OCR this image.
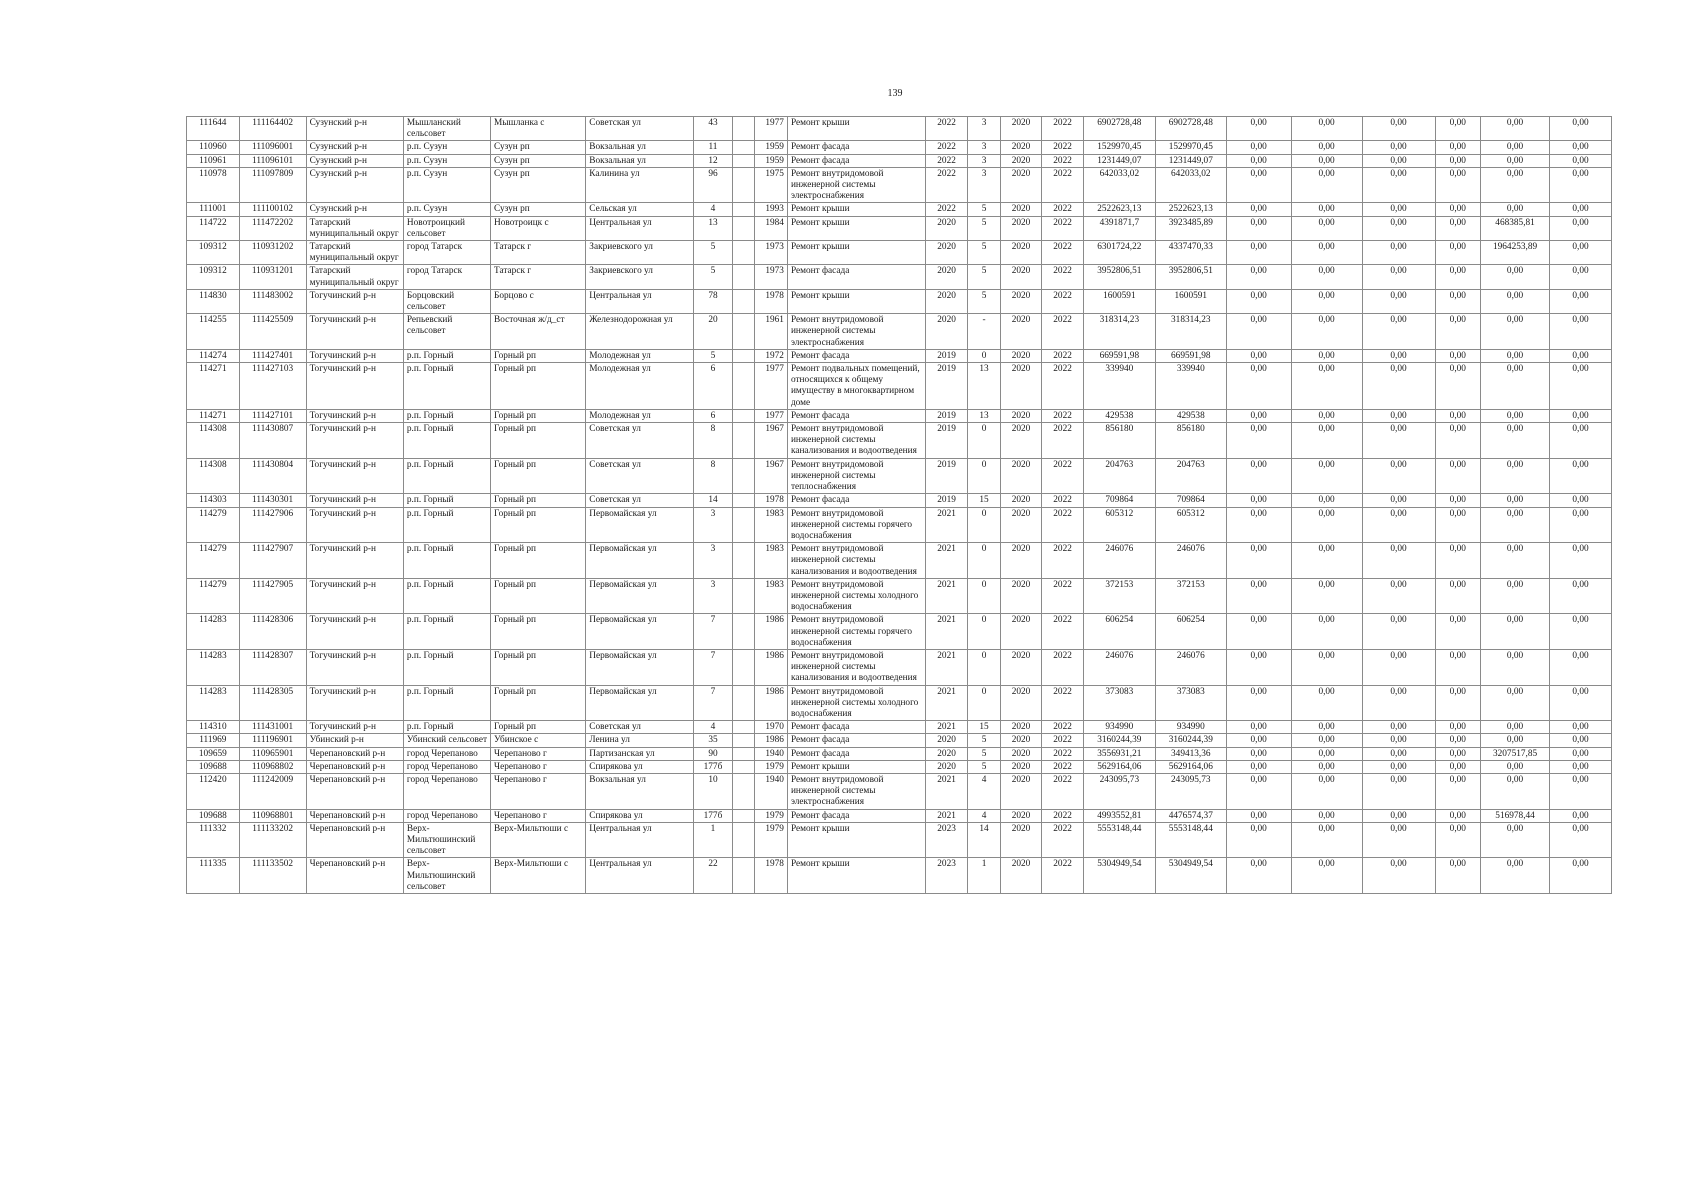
139
111644	111164402	Сузунский р-н	Мышланский сельсовет	Мышланка с	Советская ул	43		1977	Ремонт крыши	2022	3	2020	2022	6902728,48	6902728,48	0,00	0,00	0,00	0,00	0,00	0,00
110960	111096001	Сузунский р-н	р.п. Сузун	Сузун рп	Вокзальная ул	11		1959	Ремонт фасада	2022	3	2020	2022	1529970,45	1529970,45	0,00	0,00	0,00	0,00	0,00	0,00
110961	111096101	Сузунский р-н	р.п. Сузун	Сузун рп	Вокзальная ул	12		1959	Ремонт фасада	2022	3	2020	2022	1231449,07	1231449,07	0,00	0,00	0,00	0,00	0,00	0,00
110978	111097809	Сузунский р-н	р.п. Сузун	Сузун рп	Калинина ул	96		1975	Ремонт внутридомовой инженерной системы электроснабжения	2022	3	2020	2022	642033,02	642033,02	0,00	0,00	0,00	0,00	0,00	0,00
111001	111100102	Сузунский р-н	р.п. Сузун	Сузун рп	Сельская ул	4		1993	Ремонт крыши	2022	5	2020	2022	2522623,13	2522623,13	0,00	0,00	0,00	0,00	0,00	0,00
114722	111472202	Татарский муниципальный округ	Новотроицкий сельсовет	Новотроицк с	Центральная ул	13		1984	Ремонт крыши	2020	5	2020	2022	4391871,7	3923485,89	0,00	0,00	0,00	0,00	468385,81	0,00
109312	110931202	Татарский муниципальный округ	город Татарск	Татарск г	Закриевского ул	5		1973	Ремонт крыши	2020	5	2020	2022	6301724,22	4337470,33	0,00	0,00	0,00	0,00	1964253,89	0,00
109312	110931201	Татарский муниципальный округ	город Татарск	Татарск г	Закриевского ул	5		1973	Ремонт фасада	2020	5	2020	2022	3952806,51	3952806,51	0,00	0,00	0,00	0,00	0,00	0,00
114830	111483002	Тогучинский р-н	Борцовский сельсовет	Борцово с	Центральная ул	78		1978	Ремонт крыши	2020	5	2020	2022	1600591	1600591	0,00	0,00	0,00	0,00	0,00	0,00
114255	111425509	Тогучинский р-н	Репьевский сельсовет	Восточная ж/д_ст	Железнодорожная ул	20		1961	Ремонт внутридомовой инженерной системы электроснабжения	2020	-	2020	2022	318314,23	318314,23	0,00	0,00	0,00	0,00	0,00	0,00
114274	111427401	Тогучинский р-н	р.п. Горный	Горный рп	Молодежная ул	5		1972	Ремонт фасада	2019	0	2020	2022	669591,98	669591,98	0,00	0,00	0,00	0,00	0,00	0,00
114271	111427103	Тогучинский р-н	р.п. Горный	Горный рп	Молодежная ул	6		1977	Ремонт подвальных помещений, относящихся к общему имуществу в многоквартирном доме	2019	13	2020	2022	339940	339940	0,00	0,00	0,00	0,00	0,00	0,00
114271	111427101	Тогучинский р-н	р.п. Горный	Горный рп	Молодежная ул	6		1977	Ремонт фасада	2019	13	2020	2022	429538	429538	0,00	0,00	0,00	0,00	0,00	0,00
114308	111430807	Тогучинский р-н	р.п. Горный	Горный рп	Советская ул	8		1967	Ремонт внутридомовой инженерной системы канализования и водоотведения	2019	0	2020	2022	856180	856180	0,00	0,00	0,00	0,00	0,00	0,00
114308	111430804	Тогучинский р-н	р.п. Горный	Горный рп	Советская ул	8		1967	Ремонт внутридомовой инженерной системы теплоснабжения	2019	0	2020	2022	204763	204763	0,00	0,00	0,00	0,00	0,00	0,00
114303	111430301	Тогучинский р-н	р.п. Горный	Горный рп	Советская ул	14		1978	Ремонт фасада	2019	15	2020	2022	709864	709864	0,00	0,00	0,00	0,00	0,00	0,00
114279	111427906	Тогучинский р-н	р.п. Горный	Горный рп	Первомайская ул	3		1983	Ремонт внутридомовой инженерной системы горячего водоснабжения	2021	0	2020	2022	605312	605312	0,00	0,00	0,00	0,00	0,00	0,00
114279	111427907	Тогучинский р-н	р.п. Горный	Горный рп	Первомайская ул	3		1983	Ремонт внутридомовой инженерной системы канализования и водоотведения	2021	0	2020	2022	246076	246076	0,00	0,00	0,00	0,00	0,00	0,00
114279	111427905	Тогучинский р-н	р.п. Горный	Горный рп	Первомайская ул	3		1983	Ремонт внутридомовой инженерной системы холодного водоснабжения	2021	0	2020	2022	372153	372153	0,00	0,00	0,00	0,00	0,00	0,00
114283	111428306	Тогучинский р-н	р.п. Горный	Горный рп	Первомайская ул	7		1986	Ремонт внутридомовой инженерной системы горячего водоснабжения	2021	0	2020	2022	606254	606254	0,00	0,00	0,00	0,00	0,00	0,00
114283	111428307	Тогучинский р-н	р.п. Горный	Горный рп	Первомайская ул	7		1986	Ремонт внутридомовой инженерной системы канализования и водоотведения	2021	0	2020	2022	246076	246076	0,00	0,00	0,00	0,00	0,00	0,00
114283	111428305	Тогучинский р-н	р.п. Горный	Горный рп	Первомайская ул	7		1986	Ремонт внутридомовой инженерной системы холодного водоснабжения	2021	0	2020	2022	373083	373083	0,00	0,00	0,00	0,00	0,00	0,00
114310	111431001	Тогучинский р-н	р.п. Горный	Горный рп	Советская ул	4		1970	Ремонт фасада	2021	15	2020	2022	934990	934990	0,00	0,00	0,00	0,00	0,00	0,00
111969	111196901	Убинский р-н	Убинский сельсовет	Убинское с	Ленина ул	35		1986	Ремонт фасада	2020	5	2020	2022	3160244,39	3160244,39	0,00	0,00	0,00	0,00	0,00	0,00
109659	110965901	Черепановский р-н	город Черепаново	Черепаново г	Партизанская ул	90		1940	Ремонт фасада	2020	5	2020	2022	3556931,21	349413,36	0,00	0,00	0,00	0,00	3207517,85	0,00
109688	110968802	Черепановский р-н	город Черепаново	Черепаново г	Спирякова ул	177б		1979	Ремонт крыши	2020	5	2020	2022	5629164,06	5629164,06	0,00	0,00	0,00	0,00	0,00	0,00
112420	111242009	Черепановский р-н	город Черепаново	Черепаново г	Вокзальная ул	10		1940	Ремонт внутридомовой инженерной системы электроснабжения	2021	4	2020	2022	243095,73	243095,73	0,00	0,00	0,00	0,00	0,00	0,00
109688	110968801	Черепановский р-н	город Черепаново	Черепаново г	Спирякова ул	177б		1979	Ремонт фасада	2021	4	2020	2022	4993552,81	4476574,37	0,00	0,00	0,00	0,00	516978,44	0,00
111332	111133202	Черепановский р-н	Верх-Мильтюшинский сельсовет	Верх-Мильтюши с	Центральная ул	1		1979	Ремонт крыши	2023	14	2020	2022	5553148,44	5553148,44	0,00	0,00	0,00	0,00	0,00	0,00
111335	111133502	Черепановский р-н	Верх-Мильтюшинский сельсовет	Верх-Мильтюши с	Центральная ул	22		1978	Ремонт крыши	2023	1	2020	2022	5304949,54	5304949,54	0,00	0,00	0,00	0,00	0,00	0,00
